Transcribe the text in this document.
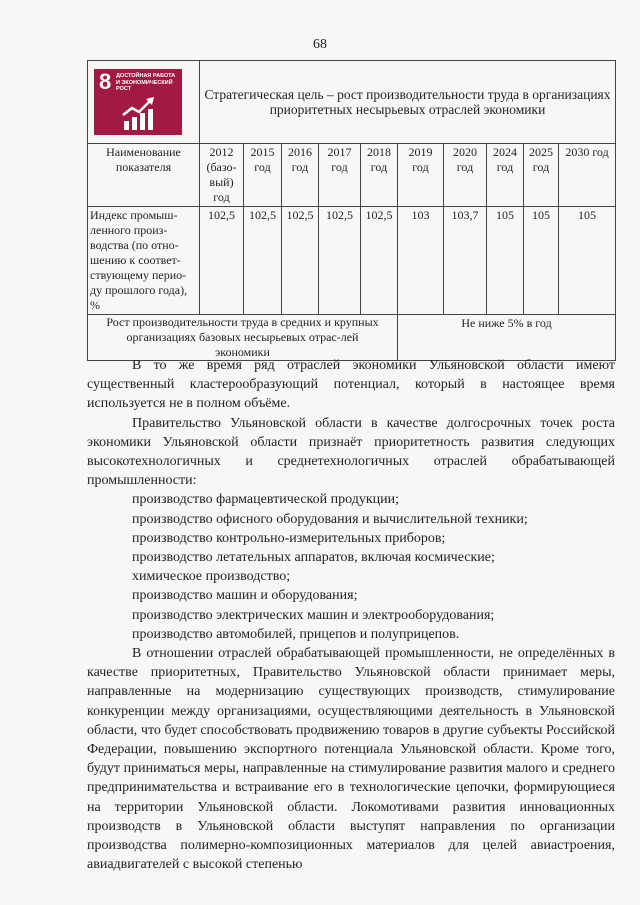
68
8 ДОСТОЙНАЯ РАБОТА И ЭКОНОМИЧЕСКИЙ РОСТ	Стратегическая цель – рост производительности труда в организациях приоритетных несырьевых отраслей экономики									
Наименование показателя	2012 (базо-вый) год	2015 год	2016 год	2017 год	2018 год	2019 год	2020 год	2024 год	2025 год	2030 год
Индекс промыш-ленного произ-водства (по отно-шению к соответ-ствующему перио-ду прошлого года), %	102,5	102,5	102,5	102,5	102,5	103	103,7	105	105	105
Рост производительности труда в средних и крупных организациях базовых несырьевых отрас-лей экономики						Не ниже 5% в год				

В то же время ряд отраслей экономики Ульяновской области имеют существенный кластерообразующий потенциал, который в настоящее время используется не в полном объёме.

Правительство Ульяновской области в качестве долгосрочных точек роста экономики Ульяновской области признаёт приоритетность развития следующих высокотехнологичных и среднетехнологичных отраслей обрабатывающей промышленности:

производство фармацевтической продукции;

производство офисного оборудования и вычислительной техники;

производство контрольно-измерительных приборов;

производство летательных аппаратов, включая космические;

химическое производство;

производство машин и оборудования;

производство электрических машин и электрооборудования;

производство автомобилей, прицепов и полуприцепов.

В отношении отраслей обрабатывающей промышленности, не определённых в качестве приоритетных, Правительство Ульяновской области принимает меры, направленные на модернизацию существующих производств, стимулирование конкуренции между организациями, осуществляющими деятельность в Ульяновской области, что будет способствовать продвижению товаров в другие субъекты Российской Федерации, повышению экспортного потенциала Ульяновской области. Кроме того, будут приниматься меры, направленные на стимулирование развития малого и среднего предпринимательства и встраивание его в технологические цепочки, формирующиеся на территории Ульяновской области. Локомотивами развития инновационных производств в Ульяновской области выступят направления по организации производства полимерно-композиционных материалов для целей авиастроения, авиадвигателей с высокой степенью
